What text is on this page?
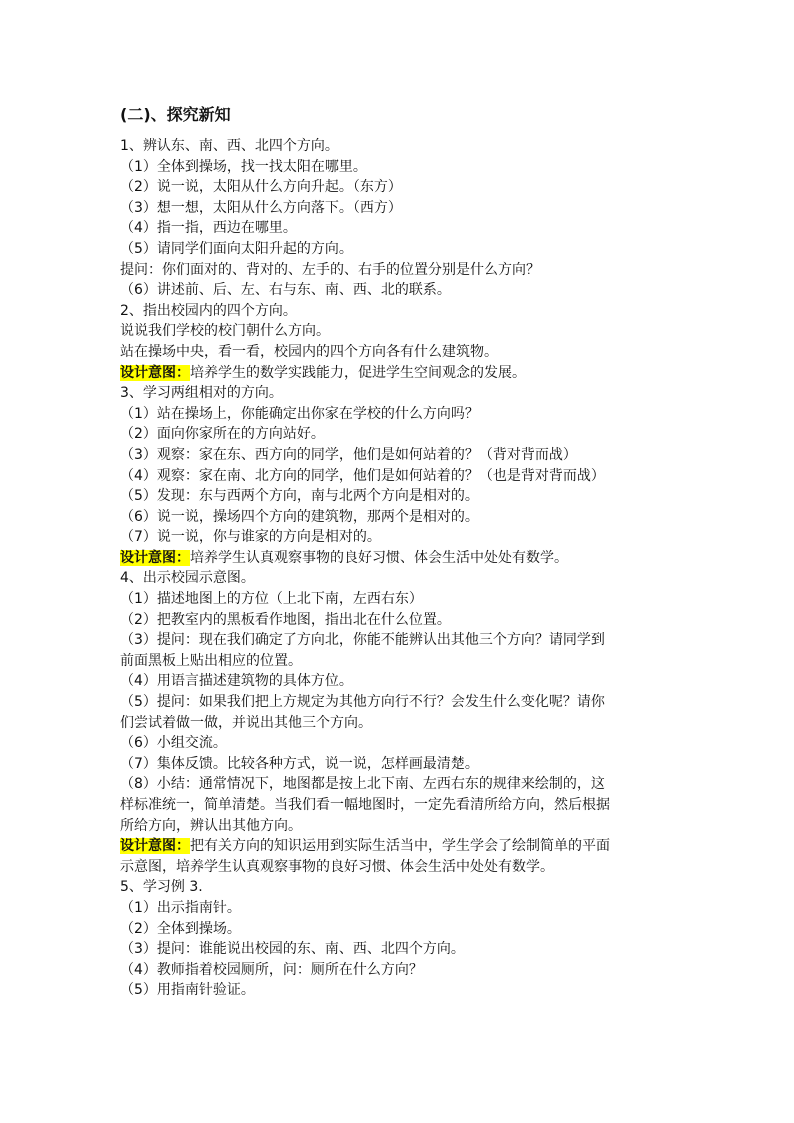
(二)、探究新知
1、辨认东、南、西、北四个方向。
（1）全体到操场，找一找太阳在哪里。
（2）说一说，太阳从什么方向升起。（东方）
（3）想一想，太阳从什么方向落下。（西方）
（4）指一指，西边在哪里。
（5）请同学们面向太阳升起的方向。
提问：你们面对的、背对的、左手的、右手的位置分别是什么方向？
（6）讲述前、后、左、右与东、南、西、北的联系。
2、指出校园内的四个方向。
说说我们学校的校门朝什么方向。
站在操场中央，看一看，校园内的四个方向各有什么建筑物。
设计意图：培养学生的数学实践能力，促进学生空间观念的发展。
3、学习两组相对的方向。
（1）站在操场上，你能确定出你家在学校的什么方向吗？
（2）面向你家所在的方向站好。
（3）观察：家在东、西方向的同学，他们是如何站着的？（背对背而战）
（4）观察：家在南、北方向的同学，他们是如何站着的？（也是背对背而战）
（5）发现：东与西两个方向，南与北两个方向是相对的。
（6）说一说，操场四个方向的建筑物，那两个是相对的。
（7）说一说，你与谁家的方向是相对的。
设计意图：培养学生认真观察事物的良好习惯、体会生活中处处有数学。
4、出示校园示意图。
（1）描述地图上的方位（上北下南，左西右东）
（2）把教室内的黑板看作地图，指出北在什么位置。
（3）提问：现在我们确定了方向北，你能不能辨认出其他三个方向？请同学到
前面黑板上贴出相应的位置。
（4）用语言描述建筑物的具体方位。
（5）提问：如果我们把上方规定为其他方向行不行？会发生什么变化呢？请你
们尝试着做一做，并说出其他三个方向。
（6）小组交流。
（7）集体反馈。比较各种方式，说一说，怎样画最清楚。
（8）小结：通常情况下，地图都是按上北下南、左西右东的规律来绘制的，这
样标准统一，简单清楚。当我们看一幅地图时，一定先看清所给方向，然后根据
所给方向，辨认出其他方向。
设计意图：把有关方向的知识运用到实际生活当中，学生学会了绘制简单的平面
示意图，培养学生认真观察事物的良好习惯、体会生活中处处有数学。
5、学习例 3.
（1）出示指南针。
（2）全体到操场。
（3）提问：谁能说出校园的东、南、西、北四个方向。
（4）教师指着校园厕所，问：厕所在什么方向？
（5）用指南针验证。
